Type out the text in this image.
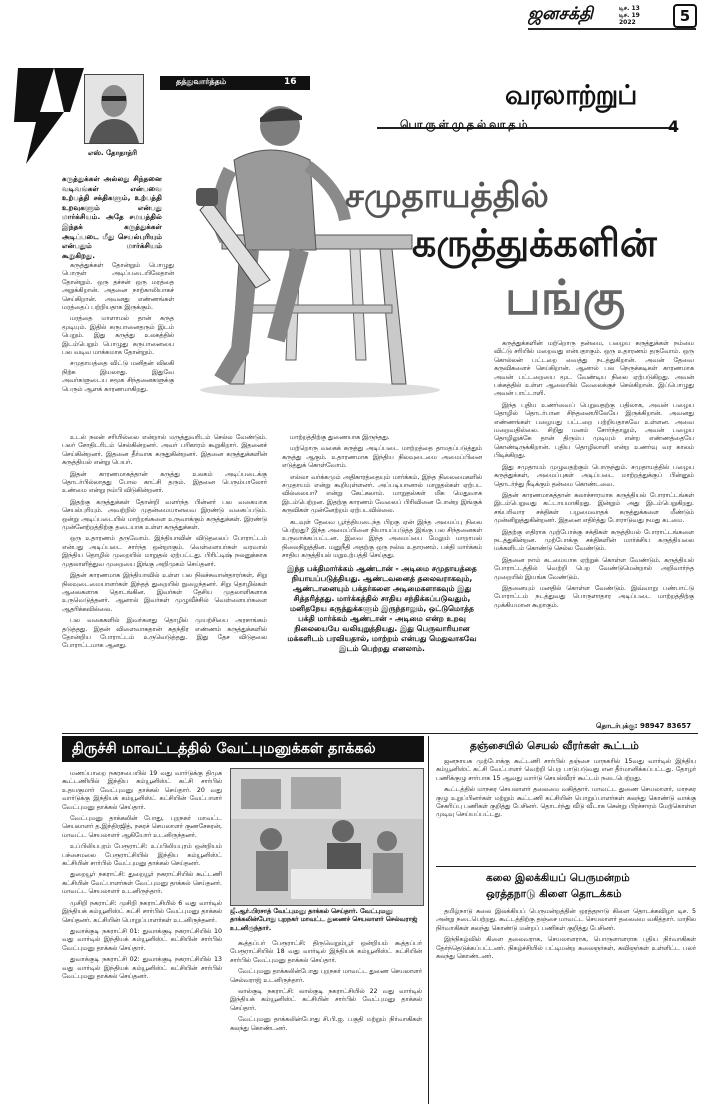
ஜனசக்தி	டிச. 13
டிச. 19
2022	5
எஸ். தோதாத்ரி
தத்துவார்த்தம்	16	வரலாற்றுப்
பொருள்முதல்வாதம்	4
சமுதாயத்தில்
கருத்துக்களின்
பங்கு

கருத்துக்கள் அல்லது சிந்தனை வடிவங்கள் என்பவை உற்பத்தி சக்திகளும், உற்பத்தி உறவுகளும் என்பது மார்க்சியம். அதே சமயத்தில் இந்தக் கருத்துக்கள் அடிப்படை மீது செயல்புரியும் என்பதும் மார்க்சியம் கூறுகிறது.

கருத்துக்கள் தோன்றும் பொழுது பொருள் அடிப்படையிலேதான் தோன்றும். ஒரு தச்சன் ஒரு மரத்தை அறுக்கிறான். அதனை நாற்காலியாகச் செய்கிறான். அவனது எண்ணங்கள் மரத்தைப் பற்றியதாக இருக்கும்.

மரத்தை மாளாமல் தான் கருத மூடியும். இதில் கருபானைதரும் இடம் பெறும். இது கருத்து உலகத்தில் இடம்பெறும் பொழுது கருபானையை பல வடிவ மாக்கமாக தோன்றும்.

சமுதாயத்தை விட்டு மனிதன் விலகி நிற்க இயலாது. இதுவே அவர்களுடைய சமூக சிந்தனைகளுக்கு பெரும் ஆளக் காரணமாகிறது.

உடல் நலன் சரியில்லை என்றால் மருத்துவரிடம் செல்ல வேண்டும். பலர் சோதிடரிடம் செல்கின்றனர். அவர் பரிகாரம் கூறுகிறார். இதனைச் செய்கின்றனர். இதனை தீர்வாக கருதுகின்றனர். இதனை கருத்துக்களின் கருத்தியல் என்று பெயர்.

இதன் காரணமாகத்தான் கருத்து உலகம் அடிப்படைக்கு தொடர்பில்லாதது போல காட்சி தரும். இதனை பெரும்பாலோர் உண்மை என்று நம்பி விடுகின்றனர்.

இதற்கு கருத்துக்கள் தோன்றி வளர்ந்த பின்னர் பல வகையாக செயல்புரியும். அவற்றில் முதன்மையானவை இரண்டு வகைப்படும். ஒன்று அடிப்படையில் மாற்றங்களை உருவாக்கும் கருத்துக்கள். இரண்டு முன்னேற்றத்திற்கு தடையாக உள்ள கருத்துக்கள்.

ஒரு உதாரணம் தருவோம். இந்தியாவின் விடுதலைப் போராட்டம் என்பது அடிப்படை சார்ந்த ஒன்றாகும். வெள்ளையர்கள் வரவால் இந்திய தொழில் முறையில் மாறுதல் ஏற்பட்டது. பிரிட்டிஷ் நலனுக்காக முதலாளித்துவ முறையை இங்கு அறிமுகம் செய்தனர்.

இதன் காரணமாக இந்தியாவில் உள்ள பல நிலச்சுவான்தாரர்கள், சிறு நிலவுடைமையாளர்கள் இந்தத் துறையில் நுழைந்தனர். சிறு தொழில்கள் ஆலைகளாக தொடங்கின. இவர்கள் தேசிய முதலாளிகளாக உருவெடுத்தனர். ஆனால் இவர்கள் முழுவீச்சில் வெள்ளையர்களை ஆதரிக்கவில்லை.

பல வகைகளில் இவர்களது தொழில் முயற்சியை அரசாங்கம் தடுத்தது. இதன் விளைவாகதான் சுதந்திர எண்ணம் கருத்துக்களில் தோன்றிய போராட்டம் உருவெடுத்தது. இது தேச விடுதலை போராட்டமாக ஆனது.

மாற்றத்திற்கு துணையாக இருந்தது.

மற்றொரு வகைக் கருத்து அடிப்படை மாற்றத்தை தாமதப்படுத்தும் கருத்து ஆகும். உதாரணமாக இந்திய நிலவுடைமை அமைப்பினை எடுத்துக் கொள்வோம்.

எல்லா வர்க்கமும் அதிகாரத்தையும் மார்க்கம், இந்த நிலைமைகளில் சமுதாயம் என்று கூறியுள்ளனர். அப்படியானால் மாறுதல்கள் ஏற்பட வில்லையா? என்று கேட்கலாம். மாறுதல்கள் மிக மெதுவாக இடம்பெற்றன. இதற்கு காரணம் வேலைப் பிரிவினை போன்ற இங்குக் கருவிகள் முன்னேற்றம் ஏற்படவில்லை.

கடவுள் தேவை பூர்த்தியடைந்த பிறகு ஏன் இந்த அமைப்பு நிலை பெற்றது? இந்த அமைப்பினை நியாயப்படுத்த இங்கு பல சிந்தனைகள் உருவாக்கப்பட்டன. இவை இந்த அமைப்பை மேலும் மாறாமல் நிலைநிறுத்தின. மனுநீதி அதற்கு ஒரு நல்ல உதாரணம். பக்தி மார்க்கம் சாதிய கருத்தியல் மறுஉற்பத்தி செய்தது.

இந்த பக்திமார்க்கம் ஆண்டான் - அடிமை சமுதாயத்தை நியாயப்படுத்தியது. ஆண்டவனைத் தலைவராகவும், ஆண்டானையும் பக்தர்களை அடிமைகளாகவும் இது சித்தரித்தது. மார்க்கத்தில் சாதிய சந்திக்கப்படுவதும், மனிதநேய கருத்துக்களும் இருந்தாலும், ஒட்டுமொத்த பக்தி மார்க்கம் ஆண்டான் - அடிமை என்ற உறவு நிலையையே வலியுறுத்தியது. இது பெருவாரியான மக்களிடம் பரவியதால், மாற்றம் என்பது மெதுவாகவே இடம் பெற்றது எனலாம்.

கருத்துக்களின் மற்றொரு தன்மை, பழைய கருத்துக்கள் நம்மை விட்டு சரியில் மறைவது என்பதாகும். ஒரு உதாரணம் தருவோம். ஒரு கொல்லன் பட்டறை வைத்து நடத்துகிறான். அவன் தேவை கருவிகளைச் செய்கிறான். ஆனால் பல நெருக்கடிகள் காரணமாக அவன் பட்டறையை மூட வேண்டிய நிலை ஏற்படுகிறது. அவன் பக்கத்தில் உள்ள ஆலையில் வேலைக்குச் செல்கிறான். இப்பொழுது அவன் பாட்டாளி.

இந்த புதிய உணர்வைப் பெறுவதற்கு பதிலாக, அவன் பழைய தொழில் தொடர்பான சிந்தனையிலேயே இருக்கிறான். அவனது எண்ணங்கள் பழையது பட்டறை பற்றியதாகவே உள்ளன. அவை மறைவதில்லை. சிறிது மனம் சோர்ந்தாலும், அவன் பழைய தொழிலுக்கே தான் திரும்ப முடியும் என்ற எண்ணத்தையே கொண்டிருக்கிறான். புதிய தொழிலாளி என்ற உணர்வு வர காலம் பிடிக்கிறது.

இது சமுதாயம் முழுவதற்கும் பொருந்தும். சமுதாயத்தில் பழைய கருத்துக்கள், அமைப்புகள் அடிப்படை மாற்றத்துக்குப் பின்னும் தொடர்ந்து நீடிக்கும் தன்மை கொண்டவை.

இதன் காரணமாகத்தான் கலாச்சாரமாக கருத்தியல் போராட்டங்கள் இடம்பெறுவது கட்டாயமாகிறது. இன்றும் அது இடம்பெறுகிறது. சங்பரிவார சக்திகள் பழமைவாதக் கருத்துக்களை மீண்டும் முன்னிறுத்துகின்றனர். இதனை எதிர்த்து போராடுவது நமது கடமை.

இதற்கு எதிராக முற்போக்கு சக்திகள் கருத்தியல் போராட்டங்களை நடத்துகின்றன. முற்போக்கு சக்திகளின் மார்க்சிய கருத்தியலை மக்களிடம் கொண்டு செல்ல வேண்டும்.

இதனை நாம் கடமையாக ஏற்றுக் கொள்ள வேண்டும். கருத்தியல் போராட்டத்தில் வெற்றி பெற வேண்டுமென்றால் அறிவார்ந்த முறையில் இயங்க வேண்டும்.

இதனையும் மனதில் கொள்ள வேண்டும். இவ்வாறு பண்பாட்டு போராட்டம் நடத்துவது பொருளாதார அடிப்படை மாற்றத்திற்கு முக்கியமான கூறாகும்.

தொடர்புக்கு: 98947 83657
திருச்சி மாவட்டத்தில் வேட்புமனுக்கள் தாக்கல்

மணப்பாறை நகரசபையில் 19 வது வார்டுக்கு திமுக கூட்டணியில் இந்திய கம்யூனிஸ்ட் கட்சி சார்பில் உதயகுமார் வேட்புமனு தாக்கல் செய்தார். 20 வது வார்டுக்கு இந்தியக் கம்யூனிஸ்ட் கட்சியின் வேட்பாளர் வேட்புமனு தாக்கல் செய்தார்.

வேட்புமனு தாக்கலின் போது, புறநகர் மாவட்ட செயலாளர் த.இந்திரஜித், நகரச் செயலாளர் குணசேகரன், மாவட்ட செயலாளர் ஆகியோர் உடனிருந்தனர்.

உப்பிலியபுரம் பேரூராட்சி: உப்பிலியபுரம் ஒன்றியம் பச்சைமலை பேரூராட்சியில் இந்திய கம்யூனிஸ்ட் கட்சியின் சார்பில் வேட்புமனு தாக்கல் செய்தனர்.

துறையூர் நகராட்சி: துறையூர் நகராட்சியில் கூட்டணி கட்சியின் வேட்பாளர்கள் வேட்புமனு தாக்கல் செய்தனர். மாவட்ட செயலாளர் உடனிருந்தார்.

முசிறி நகராட்சி: முசிறி நகராட்சியில் 6 வது வார்டில் இந்தியக் கம்யூனிஸ்ட் கட்சி சார்பில் வேட்புமனு தாக்கல் செய்தனர். கட்சியின் பொறுப்பாளர்கள் உடனிருந்தனர்.

துவாக்குடி நகராட்சி 01: துவாக்குடி நகராட்சியில் 10 வது வார்டில் இந்தியக் கம்யூனிஸ்ட் கட்சியின் சார்பில் வேட்புமனு தாக்கல் செய்தார்.

துவாக்குடி நகராட்சி 02: துவாக்குடி நகராட்சியில் 13 வது வார்டில் இந்தியக் கம்யூனிஸ்ட் கட்சியின் சார்பில் வேட்புமனு தாக்கல் செய்தனர்.

ஜீ.ஆர்.பிரசாத் வேட்புமனு தாக்கல் செய்தார். வேட்புமனு தாக்கலின்போது புறநகர் மாவட்ட துணைச் செயலாளர் செல்வராஜ் உடனிருந்தார்.

கூத்தப்பர் பேரூராட்சி: திருவெறும்பூர் ஒன்றியம் கூத்தப்பர் பேரூராட்சியில் 18 வது வார்டில் இந்தியக் கம்யூனிஸ்ட் கட்சியின் சார்பில் வேட்புமனு தாக்கல் செய்தார்.

வேட்புமனு தாக்கலின்போது புறநகர் மாவட்ட துணை செயலாளர் செல்வராஜ் உடனிருந்தார்.

லால்குடி நகராட்சி: லால்குடி நகராட்சியில் 22 வது வார்டில் இந்தியக் கம்யூனிஸ்ட் கட்சியின் சார்பில் வேட்புமனு தாக்கல் செய்தார்.

வேட்புமனு தாக்கலின்போது சி.பி.ஐ. பகுதி மற்றும் நிர்வாகிகள் கலந்து கொண்டனர்.

தஞ்சையில் செயல் வீரர்கள் கூட்டம்

ஜனநாயக முற்போக்கு கூட்டணி சார்பில் தஞ்சை மாநகரில் 15வது வார்டில் இந்திய கம்யூனிஸ்ட் கட்சி வேட்பாளர் வெற்றி பெற பாடுபடுவது என தீர்மானிக்கப்பட்டது. தோழர் பணிக்குழு சார்பாக 15 ஆவது வார்டு செயல்வீரர் கூட்டம் நடைபெற்றது.

கூட்டத்தில் மாநகர செயலாளர் தலைமை வகித்தார். மாவட்ட துணை செயலாளர், மாநகர குழு உறுப்பினர்கள் மற்றும் கூட்டணி கட்சியின் பொறுப்பாளர்கள் கலந்து கொண்டு வாக்கு சேகரிப்பு பணிகள் குறித்து பேசினர். தொடர்ந்து வீடு வீடாக சென்று பிரச்சாரம் மேற்கொள்ள முடிவு செய்யப்பட்டது.

கலை இலக்கியப் பெருமன்றம்
ஒரத்தநாடு கிளை தொடக்கம்

தமிழ்நாடு கலை இலக்கியப் பெருமன்றத்தின் ஒரத்தநாடு கிளை தொடக்கவிழா டிச. 5 அன்று நடைபெற்றது. கூட்டத்திற்கு தஞ்சை மாவட்ட செயலாளர் தலைமை வகித்தார். மாநில நிர்வாகிகள் கலந்து கொண்டு மன்றப் பணிகள் குறித்து பேசினர்.

இந்நிகழ்வில் கிளை தலைவராக, செயலாளராக, பொருளாளராக புதிய நிர்வாகிகள் தேர்ந்தெடுக்கப்பட்டனர். நிகழ்ச்சியில் பட்டிமன்ற கலைஞர்கள், கவிஞர்கள் உள்ளிட்ட பலர் கலந்து கொண்டனர்.
